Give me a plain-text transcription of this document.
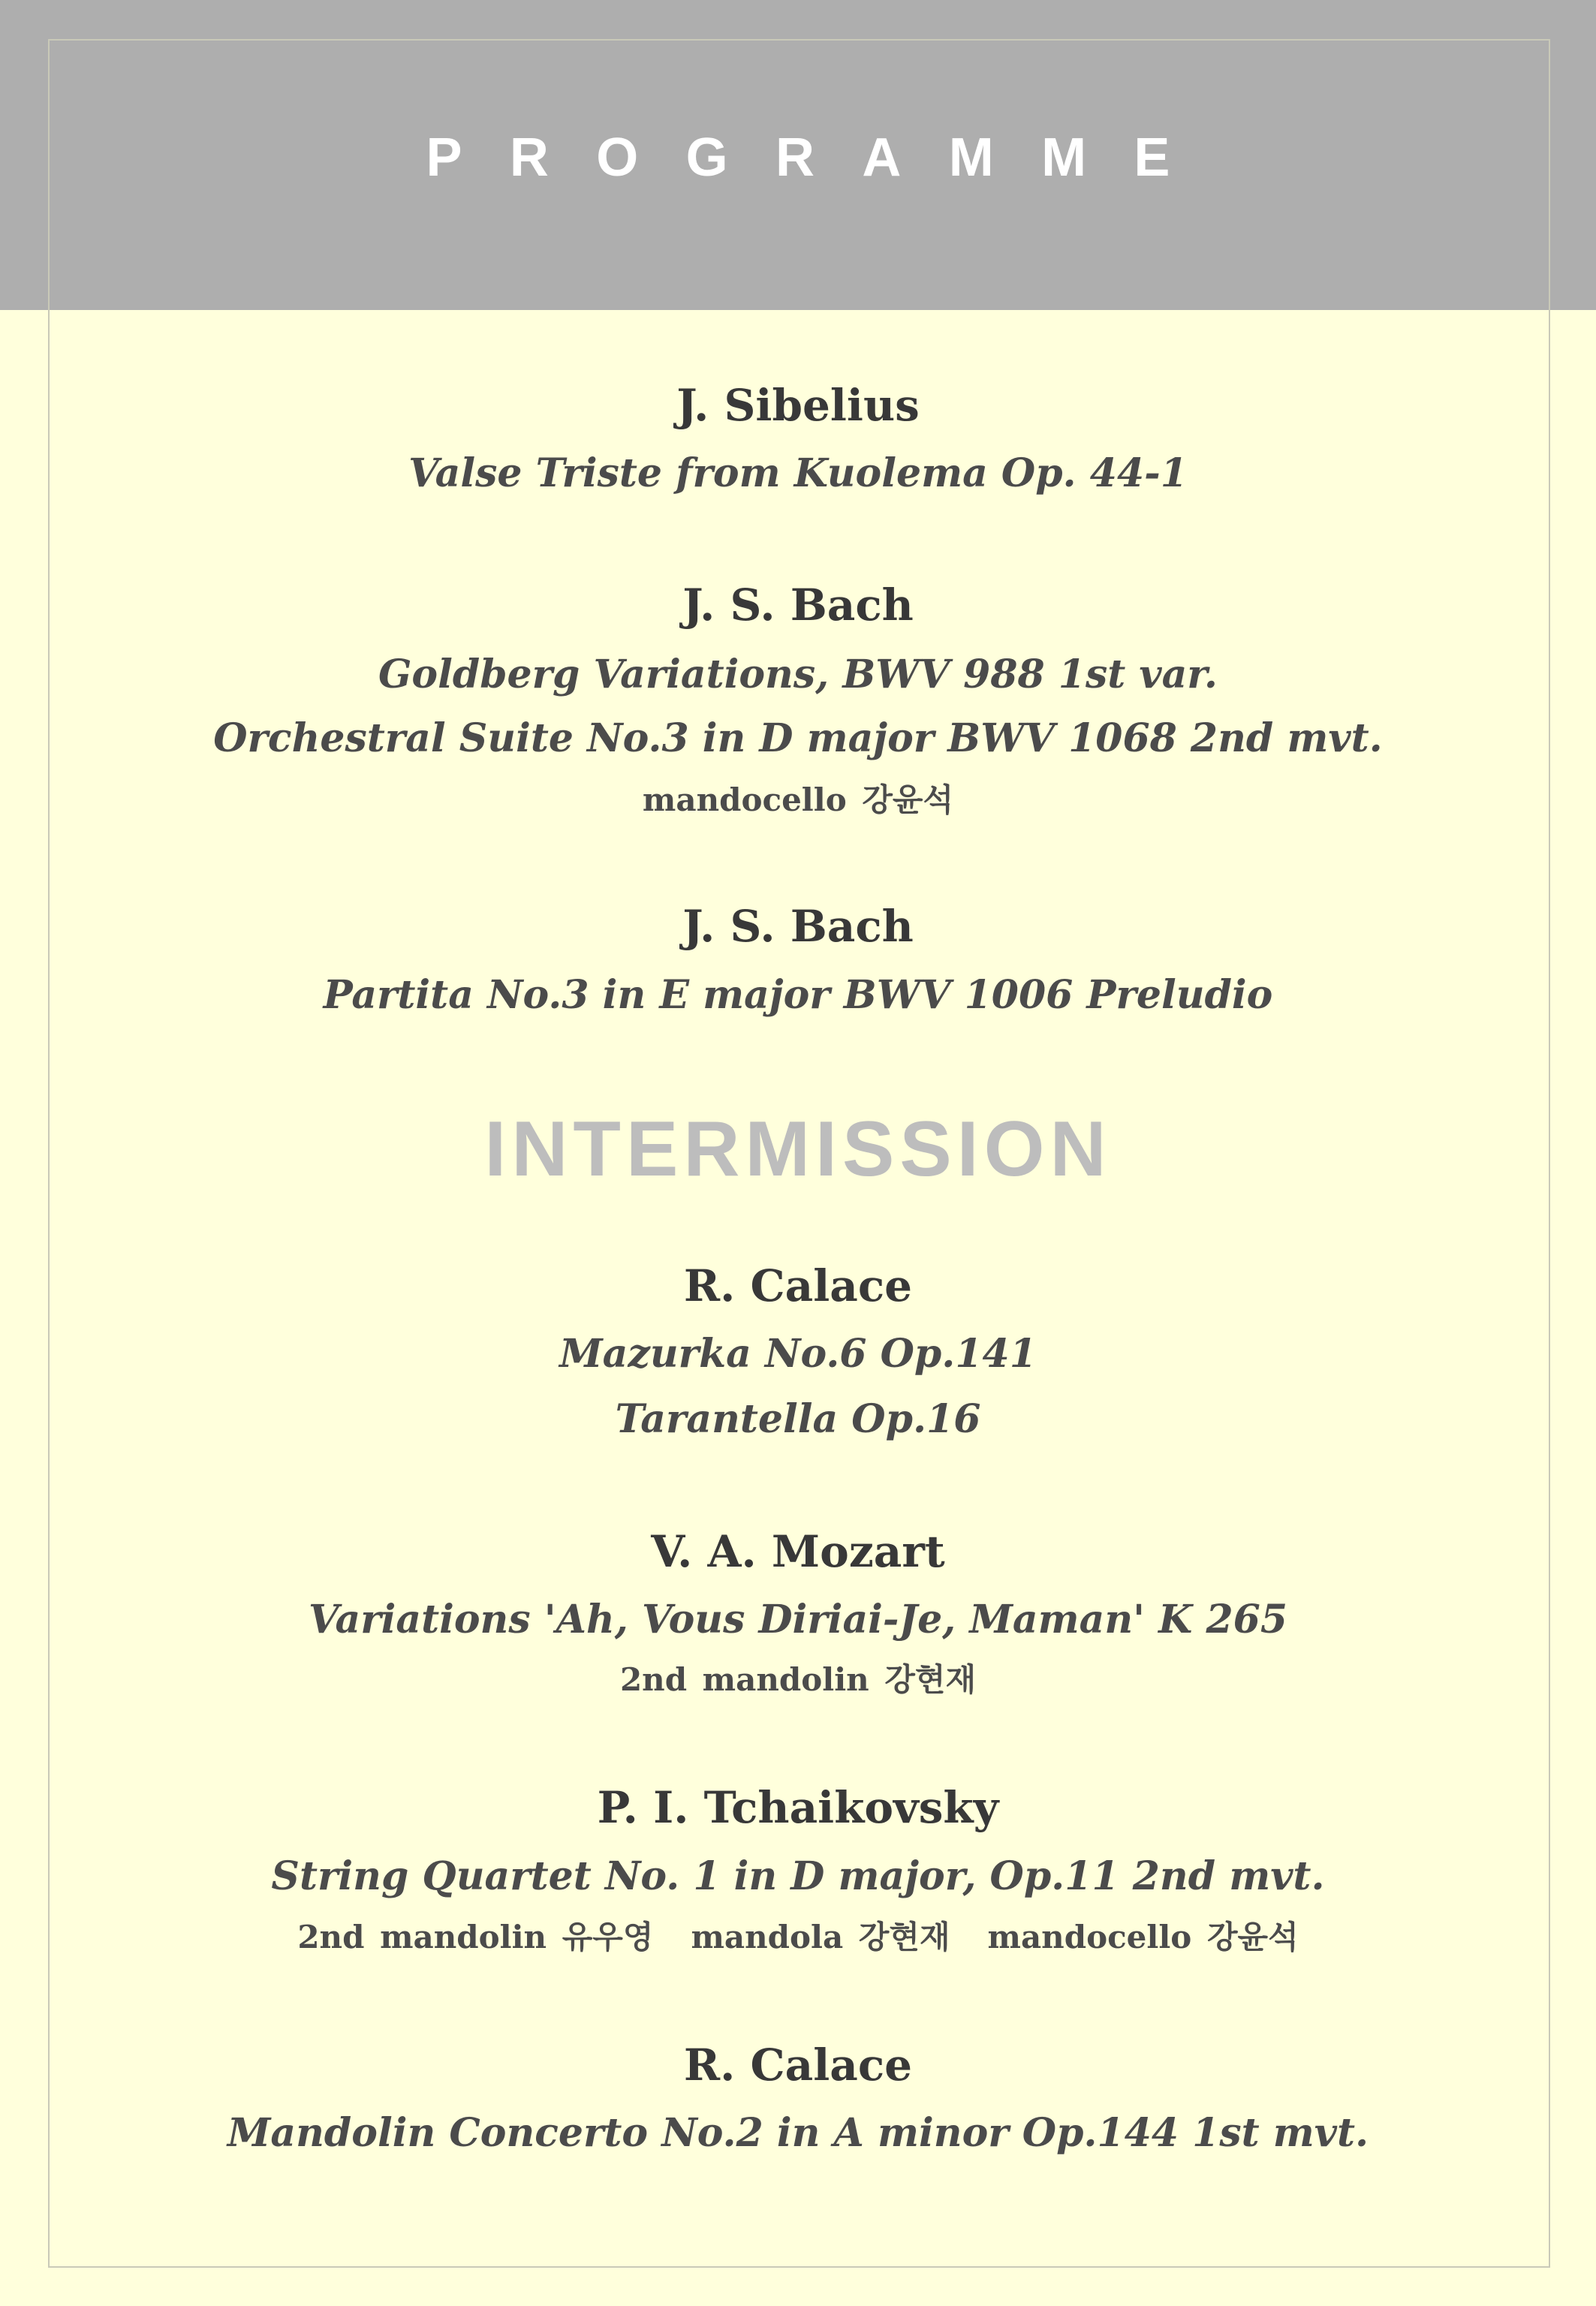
PROGRAMME
J. Sibelius
Valse Triste from Kuolema Op. 44-1
J. S. Bach
Goldberg Variations, BWV 988 1st var.
Orchestral Suite No.3 in D major BWV 1068 2nd mvt.
mandocello 강윤석
J. S. Bach
Partita No.3 in E major BWV 1006 Preludio
INTERMISSION
R. Calace
Mazurka No.6 Op.141
Tarantella Op.16
V. A. Mozart
Variations 'Ah, Vous Diriai-Je, Maman' K 265
2nd mandolin 강현재
P. I. Tchaikovsky
String Quartet No. 1 in D major, Op.11 2nd mvt.
2nd mandolin 유우영 mandola 강현재 mandocello 강윤석
R. Calace
Mandolin Concerto No.2 in A minor Op.144 1st mvt.
